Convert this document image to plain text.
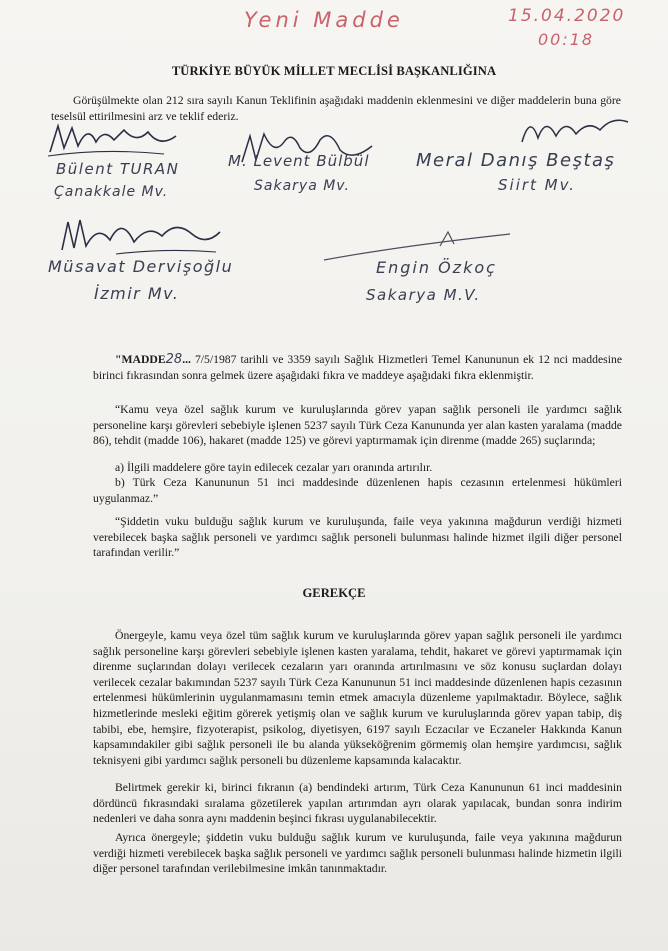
Yeni Madde	15.04.2020
00:18
TÜRKİYE BÜYÜK MİLLET MECLİSİ BAŞKANLIĞINA
Görüşülmekte olan 212 sıra sayılı Kanun Teklifinin aşağıdaki maddenin eklenmesini ve diğer maddelerin buna göre teselsül ettirilmesini arz ve teklif ederiz.
Bülent TURAN
Çanakkale Mv.
M. Levent Bülbül
Sakarya Mv.
Meral Danış Beştaş
Siirt Mv.
Müsavat Dervişoğlu
İzmir Mv.
Engin Özkoç
Sakarya M.V.
"MADDE28... 7/5/1987 tarihli ve 3359 sayılı Sağlık Hizmetleri Temel Kanununun ek 12 nci maddesine birinci fıkrasından sonra gelmek üzere aşağıdaki fıkra ve maddeye aşağıdaki fıkra eklenmiştir.
“Kamu veya özel sağlık kurum ve kuruluşlarında görev yapan sağlık personeli ile yardımcı sağlık personeline karşı görevleri sebebiyle işlenen 5237 sayılı Türk Ceza Kanununda yer alan kasten yaralama (madde 86), tehdit (madde 106), hakaret (madde 125) ve görevi yaptırmamak için direnme (madde 265) suçlarında;
a) İlgili maddelere göre tayin edilecek cezalar yarı oranında artırılır.
b) Türk Ceza Kanununun 51 inci maddesinde düzenlenen hapis cezasının ertelenmesi hükümleri uygulanmaz.”
“Şiddetin vuku bulduğu sağlık kurum ve kuruluşunda, faile veya yakınına mağdurun verdiği hizmeti verebilecek başka sağlık personeli ve yardımcı sağlık personeli bulunması halinde hizmet ilgili diğer personel tarafından verilir.”
GEREKÇE
Önergeyle, kamu veya özel tüm sağlık kurum ve kuruluşlarında görev yapan sağlık personeli ile yardımcı sağlık personeline karşı görevleri sebebiyle işlenen kasten yaralama, tehdit, hakaret ve görevi yaptırmamak için direnme suçlarından dolayı verilecek cezaların yarı oranında artırılmasını ve söz konusu suçlardan dolayı verilecek cezalar bakımından 5237 sayılı Türk Ceza Kanununun 51 inci maddesinde düzenlenen hapis cezasının ertelenmesi hükümlerinin uygulanmamasını temin etmek amacıyla düzenleme yapılmaktadır. Böylece, sağlık hizmetlerinde mesleki eğitim görerek yetişmiş olan ve sağlık kurum ve kuruluşlarında görev yapan tabip, diş tabibi, ebe, hemşire, fizyoterapist, psikolog, diyetisyen, 6197 sayılı Eczacılar ve Eczaneler Hakkında Kanun kapsamındakiler gibi sağlık personeli ile bu alanda yükseköğrenim görmemiş olan hemşire yardımcısı, sağlık teknisyeni gibi yardımcı sağlık personeli bu düzenleme kapsamında kalacaktır.
Belirtmek gerekir ki, birinci fıkranın (a) bendindeki artırım, Türk Ceza Kanununun 61 inci maddesinin dördüncü fıkrasındaki sıralama gözetilerek yapılan artırımdan ayrı olarak yapılacak, bundan sonra indirim nedenleri ve daha sonra aynı maddenin beşinci fıkrası uygulanabilecektir.
Ayrıca önergeyle; şiddetin vuku bulduğu sağlık kurum ve kuruluşunda, faile veya yakınına mağdurun verdiği hizmeti verebilecek başka sağlık personeli ve yardımcı sağlık personeli bulunması halinde hizmetin ilgili diğer personel tarafından verilebilmesine imkân tanınmaktadır.
